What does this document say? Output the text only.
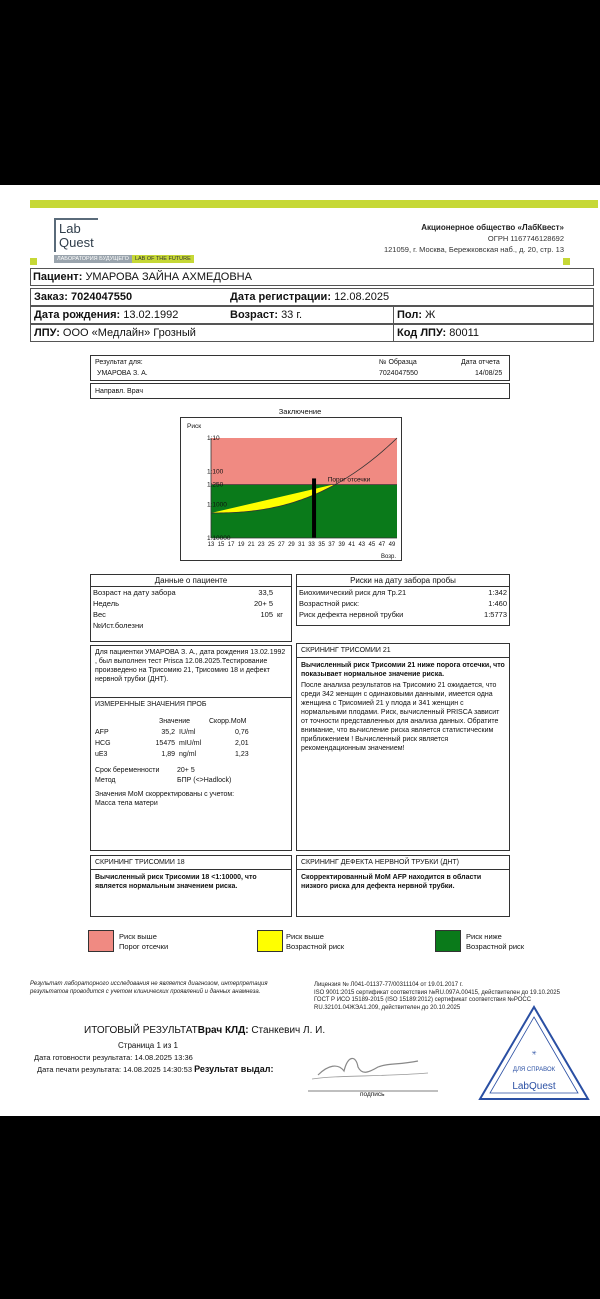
Lab
Quest
ЛАБОРАТОРИЯ БУДУЩЕГО LAB OF THE FUTURE
Акционерное общество «ЛабКвест»
ОГРН 1167746128692
121059, г. Москва, Бережковская наб., д. 20, стр. 13
Пациент: УМАРОВА ЗАЙНА АХМЕДОВНА
Заказ: 7024047550	Дата регистрации: 12.08.2025
Дата рождения: 13.02.1992	Возраст: 33 г.	Пол: Ж
ЛПУ: ООО «Медлайн» Грозный	Код ЛПУ: 80011
Результат для:
УМАРОВА З. А.
№ Образца
7024047550
Дата отчета
14/08/25
Направл. Врач
Заключение
Порог отсечки
Риск
1:10
1:100
1:250
1:1000
1:10000
13 15 17 19 21 23 25 27 29 31 33 35 37 39 41 43 45 47 49
Возр.
Данные о пациенте
Возраст на дату забора	33,5	
Недель	20+ 5	
Вес	105	кг
№Ист.болезни		
Риски на дату забора пробы
Биохимический риск для Тр.21	1:342
Возрастной риск:	1:460
Риск дефекта нервной трубки	1:5773
Для пациентки УМАРОВА З. А., дата рождения 13.02.1992 , был выполнен тест Prisca 12.08.2025.Тестирование произведено на Трисомию 21, Трисомию 18 и дефект нервной трубки (ДНТ).
ИЗМЕРЕННЫЕ ЗНАЧЕНИЯ ПРОБ
Значение	Скорр.МоМ
AFP	35,2 IU/ml	0,76
HCG	15475 mIU/ml	2,01
uE3	1,89 ng/ml	1,23
Срок беременности	20+ 5
Метод	БПР (<>Hadlock)
Значения МоМ скорректированы с учетом:
Масса тела матери
СКРИНИНГ ТРИСОМИИ 21
Вычисленный риск Трисомии 21 ниже порога отсечки, что показывает нормальное значение риска.
После анализа результатов на Трисомию 21 ожидается, что среди 342 женщин с одинаковыми данными, имеется одна женщина с Трисомией 21 у плода и 341 женщин с нормальными плодами. Риск, вычисленный PRISCA зависит от точности представленных для анализа данных. Обратите внимание, что вычисление риска является статистическим приближением ! Вычисленный риск является рекомендационным значением!
СКРИНИНГ ТРИСОМИИ 18
Вычисленный риск Трисомии 18 <1:10000, что является нормальным значением риска.
СКРИНИНГ ДЕФЕКТА НЕРВНОЙ ТРУБКИ (ДНТ)
Скорректированный МоМ AFP находится в области низкого риска для дефекта нервной трубки.
Риск выше
Порог отсечки
Риск выше
Возрастной риск
Риск ниже
Возрастной риск
Результат лабораторного исследования не является диагнозом, интерпретация результатов проводится с учетом клинических проявлений и данных анамнеза.
Лицензия № Л041-01137-77/00311104 от 19.01.2017 г.
ISO 9001:2015 сертификат соответствия №RU.097A.00415, действителен до 19.10.2025
ГОСТ Р ИСО 15189-2015 (ISO 15189:2012) сертификат соответствия №РОСС RU.32101.04ЖЭА1.209, действителен до 20.10.2025
ИТОГОВЫЙ РЕЗУЛЬТАТВрач КЛД: Станкевич Л. И.
Страница 1 из 1
Дата готовности результата: 14.08.2025 13:36
Дата печати результата: 14.08.2025 14:30:53 Результат выдал:
подпись
✳
ДЛЯ СПРАВОК
LabQuest
